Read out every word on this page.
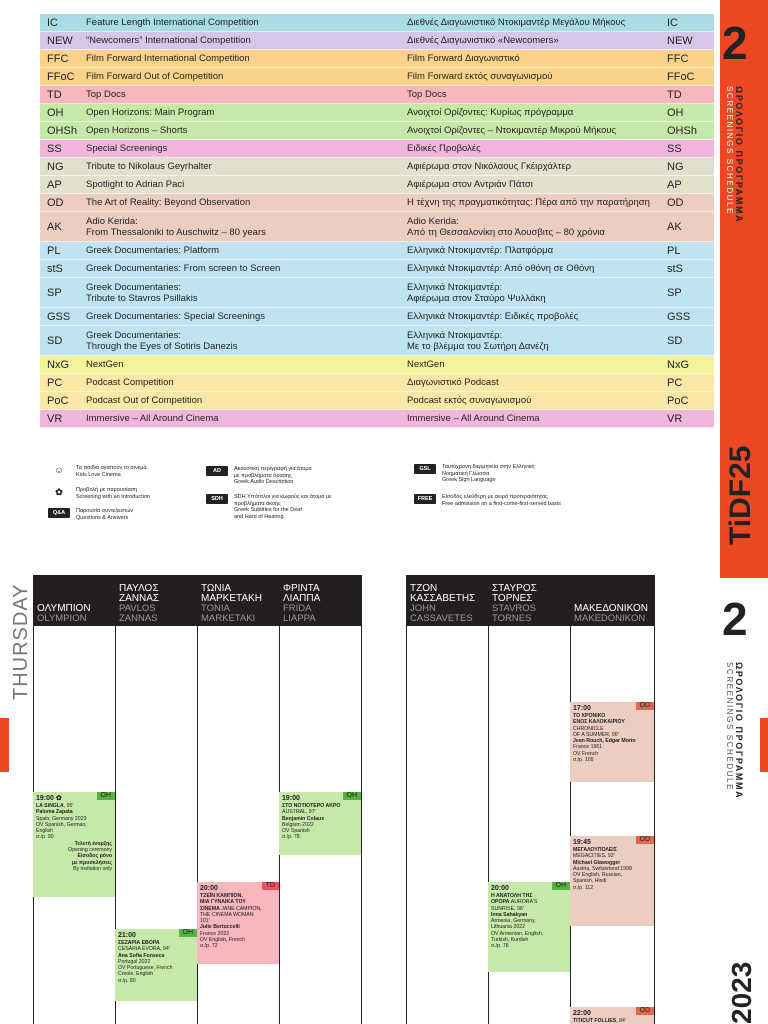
IC	Feature Length International Competition	Διεθνές Διαγωνιστικό Ντοκιμαντέρ Μεγάλου Μήκους	IC
NEW	“Newcomers” International Competition	Διεθνές Διαγωνιστικό «Newcomers»	NEW
FFC	Film Forward International Competition	Film Forward Διαγωνιστικό	FFC
FFoC	Film Forward Out of Competition	Film Forward εκτός συναγωνισμού	FFoC
TD	Top Docs	Top Docs	TD
OH	Open Horizons: Main Program	Ανοιχτοί Ορίζοντες: Κυρίως πρόγραμμα	OH
OHSh Open Horizons – Shorts	Ανοιχτοί Ορίζοντες – Ντοκιμαντέρ Μικρού Μήκους	OHSh
SS	Special Screenings	Ειδικές Προβολές	SS
NG	Tribute to Nikolaus Geyrhalter	Αφιέρωμα στον Νικόλαους Γκέιρχάλτερ	NG
AP	Spotlight to Adrian Paci	Αφιέρωμα στον Αντριάν Πάτσι	AP
OD	The Art of Reality: Beyond Observation	Η τέχνη της πραγματικότητας: Πέρα από την παρατήρηση	OD
AK	Adio Kerida:
From Thessaloniki to Auschwitz – 80 years
Adio Kerida:
Από τη Θεσσαλονίκη στο Άουσβιτς – 80 χρόνια	AK
PL	Greek Documentaries: Platform	Ελληνικά Ντοκιμαντέρ: Πλατφόρμα	PL
stS	Greek Documentaries: From screen to Screen	Ελληνικά Ντοκιμαντέρ: Από οθόνη σε Οθόνη	stS
SP	Greek Documentaries:
Tribute to Stavros Psillakis
Ελληνικά Ντοκιμαντέρ:
Αφιέρωμα στον Σταύρο Ψυλλάκη	SP
GSS	Greek Documentaries: Special Screenings	Ελληνικά Ντοκιμαντέρ: Ειδικές προβολές	GSS
SD	Greek Documentaries:
Through the Eyes of Sotiris Danezis
Ελληνικά Ντοκιμαντέρ:
Με το βλέμμα του Σωτήρη Δανέζη	SD
NxG	NextGen	NextGen	NxG
PC	Podcast Competition	Διαγωνιστικό Podcast	PC
PoC	Podcast Out of Competition	Podcast εκτός συναγωνισμού	PoC
VR	Immersive – All Around Cinema	Immersive – All Around Cinema	VR
☺	Τα παιδιά αγαπούν το σινεμά
Kids Love Cinema
✿	Προβολή με παρουσίαση
Screening with an Introduction
Q&A	Παρουσία συντελεστών
Questions & Answers
AD	Ακουστική περιγραφή για άτομα
με προβλήματα όρασης
Greek Audio Description
SDH	SDH Υπότιτλοι για κωφούς και άτομα με
προβλήματα ακοής
Greek Subtitles for the Deaf
and Hard of Hearing
GSL	Ταυτόχρονη διερμηνεία στην Ελληνική
Νοηματική Γλώσσα
Greek Sign Language
FREE	Είσοδος ελεύθερη με σειρά προτεραιότητας
Free admission on a first-come-first-served basis
2
ΩΡΟΛΟΓΙΟ ΠΡΟΓΡΑΜΜΑ
SCREENINGS SCHEDULE
TiDF25
2
ΩΡΟΛΟΓΙΟ ΠΡΟΓΡΑΜΜΑ
SCREENINGS SCHEDULE
2023
THURSDAY ΟΛΥΜΠΙΟΝ
OLYMPION
ΠΑΥΛΟΣ
ΖΑΝΝΑΣ
PAVLOS
ZANNAS
ΤΩΝΙΑ
ΜΑΡΚΕΤΑΚΗ
TONIA
MARKETAKI
ΦΡΙΝΤΑ
ΛΙΑΠΠΑ
FRIDA
LIAPPA
ΤΖΟΝ
ΚΑΣΣΑΒΕΤΗΣ
JOHN
CASSAVETES
ΣΤΑΥΡΟΣ
ΤΟΡΝΕΣ
STAVROS
TORNES
ΜΑΚΕΔΟΝΙΚΟΝ
MAKEDONIKON
OH
19:00 ✿
LA SINGLA, 95'
Paloma Zapata
Spain, Germany 2023
OV Spanish, German,
English
σ./p. 90
Τελετή έναρξης
Opening ceremony
Είσοδος μόνο
με προσκλήσεις
By invitation only
OH
21:00
ΣΕΖΑΡΙΑ ΕΒΟΡΑ
CESÁRIA ÉVORA, 94'
Ana Sofia Fonseca
Portugal 2022
OV Portuguese, French
Creole, English
σ./p. 80
TD
20:00
ΤΖΕΪΝ ΚΑΜΠΙΟΝ,
ΜΙΑ ΓΥΝΑΙΚΑ ΤΟΥ
ΣΙΝΕΜΑ JANE CAMPION,
THE CINEMA WOMAN
101'
Julie Bertuccelli
France 2022
OV English, French
σ./p. 72
OH
19:00
ΣΤΟ ΝΟΤΙΟΤΕΡΟ ΑΚΡΟ
AUSTRAL, 97'
Benjamin Colaux
Belgium 2022
OV Spanish
σ./p. 78
OH
20:00
Η ΑΝΑΤΟΛΗ ΤΗΣ
ΟΡΟΡΑ AURORA'S
SUNRISE, 96'
Inna Sahakyan
Armenia, Germany,
Lithuania 2022
OV Armenian, English,
Turkish, Kurdish
σ./p. 78
OD
17:00
ΤΟ ΧΡΟΝΙΚΟ
ΕΝΟΣ ΚΑΛΟΚΑΙΡΙΟΥ
CHRONICLE
OF A SUMMER, 90'
Jean Rouch, Edgar Morin
France 1961
OV French
σ./p. 109
OD
19:45
ΜΕΓΑΛΟΥΠΟΛΕΙΣ
MEGACITIES, 93'
Michael Glawogger
Austria, Switzerland 1998
OV English, Russian,
Spanish, Hindi
σ./p. 112
OD
22:00
TITICUT FOLLIES, 84'
